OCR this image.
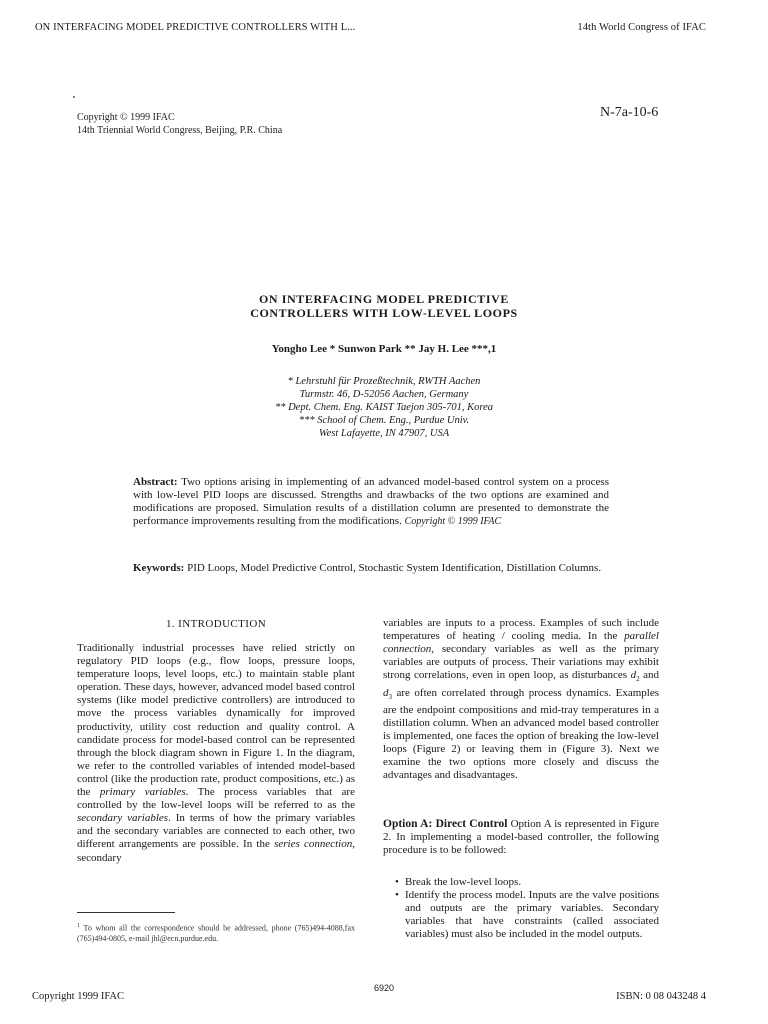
ON INTERFACING MODEL PREDICTIVE CONTROLLERS WITH L...	14th World Congress of IFAC
Copyright © 1999 IFAC
14th Triennial World Congress, Beijing, P.R. China
N-7a-10-6
ON INTERFACING MODEL PREDICTIVE
CONTROLLERS WITH LOW-LEVEL LOOPS
Yongho Lee * Sunwon Park ** Jay H. Lee ***,1
* Lehrstuhl für Prozeßtechnik, RWTH Aachen
Turmstr. 46, D-52056 Aachen, Germany
** Dept. Chem. Eng. KAIST Taejon 305-701, Korea
*** School of Chem. Eng., Purdue Univ.
West Lafayette, IN 47907, USA
Abstract: Two options arising in implementing of an advanced model-based control system on a process with low-level PID loops are discussed. Strengths and drawbacks of the two options are examined and modifications are proposed. Simulation results of a distillation column are presented to demonstrate the performance improvements resulting from the modifications. Copyright © 1999 IFAC
Keywords: PID Loops, Model Predictive Control, Stochastic System Identification, Distillation Columns.
1. INTRODUCTION
Traditionally industrial processes have relied strictly on regulatory PID loops (e.g., flow loops, pressure loops, temperature loops, level loops, etc.) to maintain stable plant operation. These days, however, advanced model based control systems (like model predictive controllers) are introduced to move the process variables dynamically for improved productivity, utility cost reduction and quality control. A candidate process for model-based control can be represented through the block diagram shown in Figure 1. In the diagram, we refer to the controlled variables of intended model-based control (like the production rate, product compositions, etc.) as the primary variables. The process variables that are controlled by the low-level loops will be referred to as the secondary variables. In terms of how the primary variables and the secondary variables are connected to each other, two different arrangements are possible. In the series connection, secondary
$^1$ To whom all the correspondence should be addressed, phone (765)494-4088,fax (765)494-0805, e-mail jhl@ecn.purdue.edu.
variables are inputs to a process. Examples of such include temperatures of heating / cooling media. In the parallel connection, secondary variables as well as the primary variables are outputs of process. Their variations may exhibit strong correlations, even in open loop, as disturbances $d_2$ and $d_3$ are often correlated through process dynamics. Examples are the endpoint compositions and mid-tray temperatures in a distillation column. When an advanced model based controller is implemented, one faces the option of breaking the low-level loops (Figure 2) or leaving them in (Figure 3). Next we examine the two options more closely and discuss the advantages and disadvantages.
Option A: Direct Control Option A is represented in Figure 2. In implementing a model-based controller, the following procedure is to be followed:
• Break the low-level loops.
• Identify the process model. Inputs are the valve positions and outputs are the primary variables. Secondary variables that have constraints (called associated variables) must also be included in the model outputs.
6920
Copyright 1999 IFAC	ISBN: 0 08 043248 4
